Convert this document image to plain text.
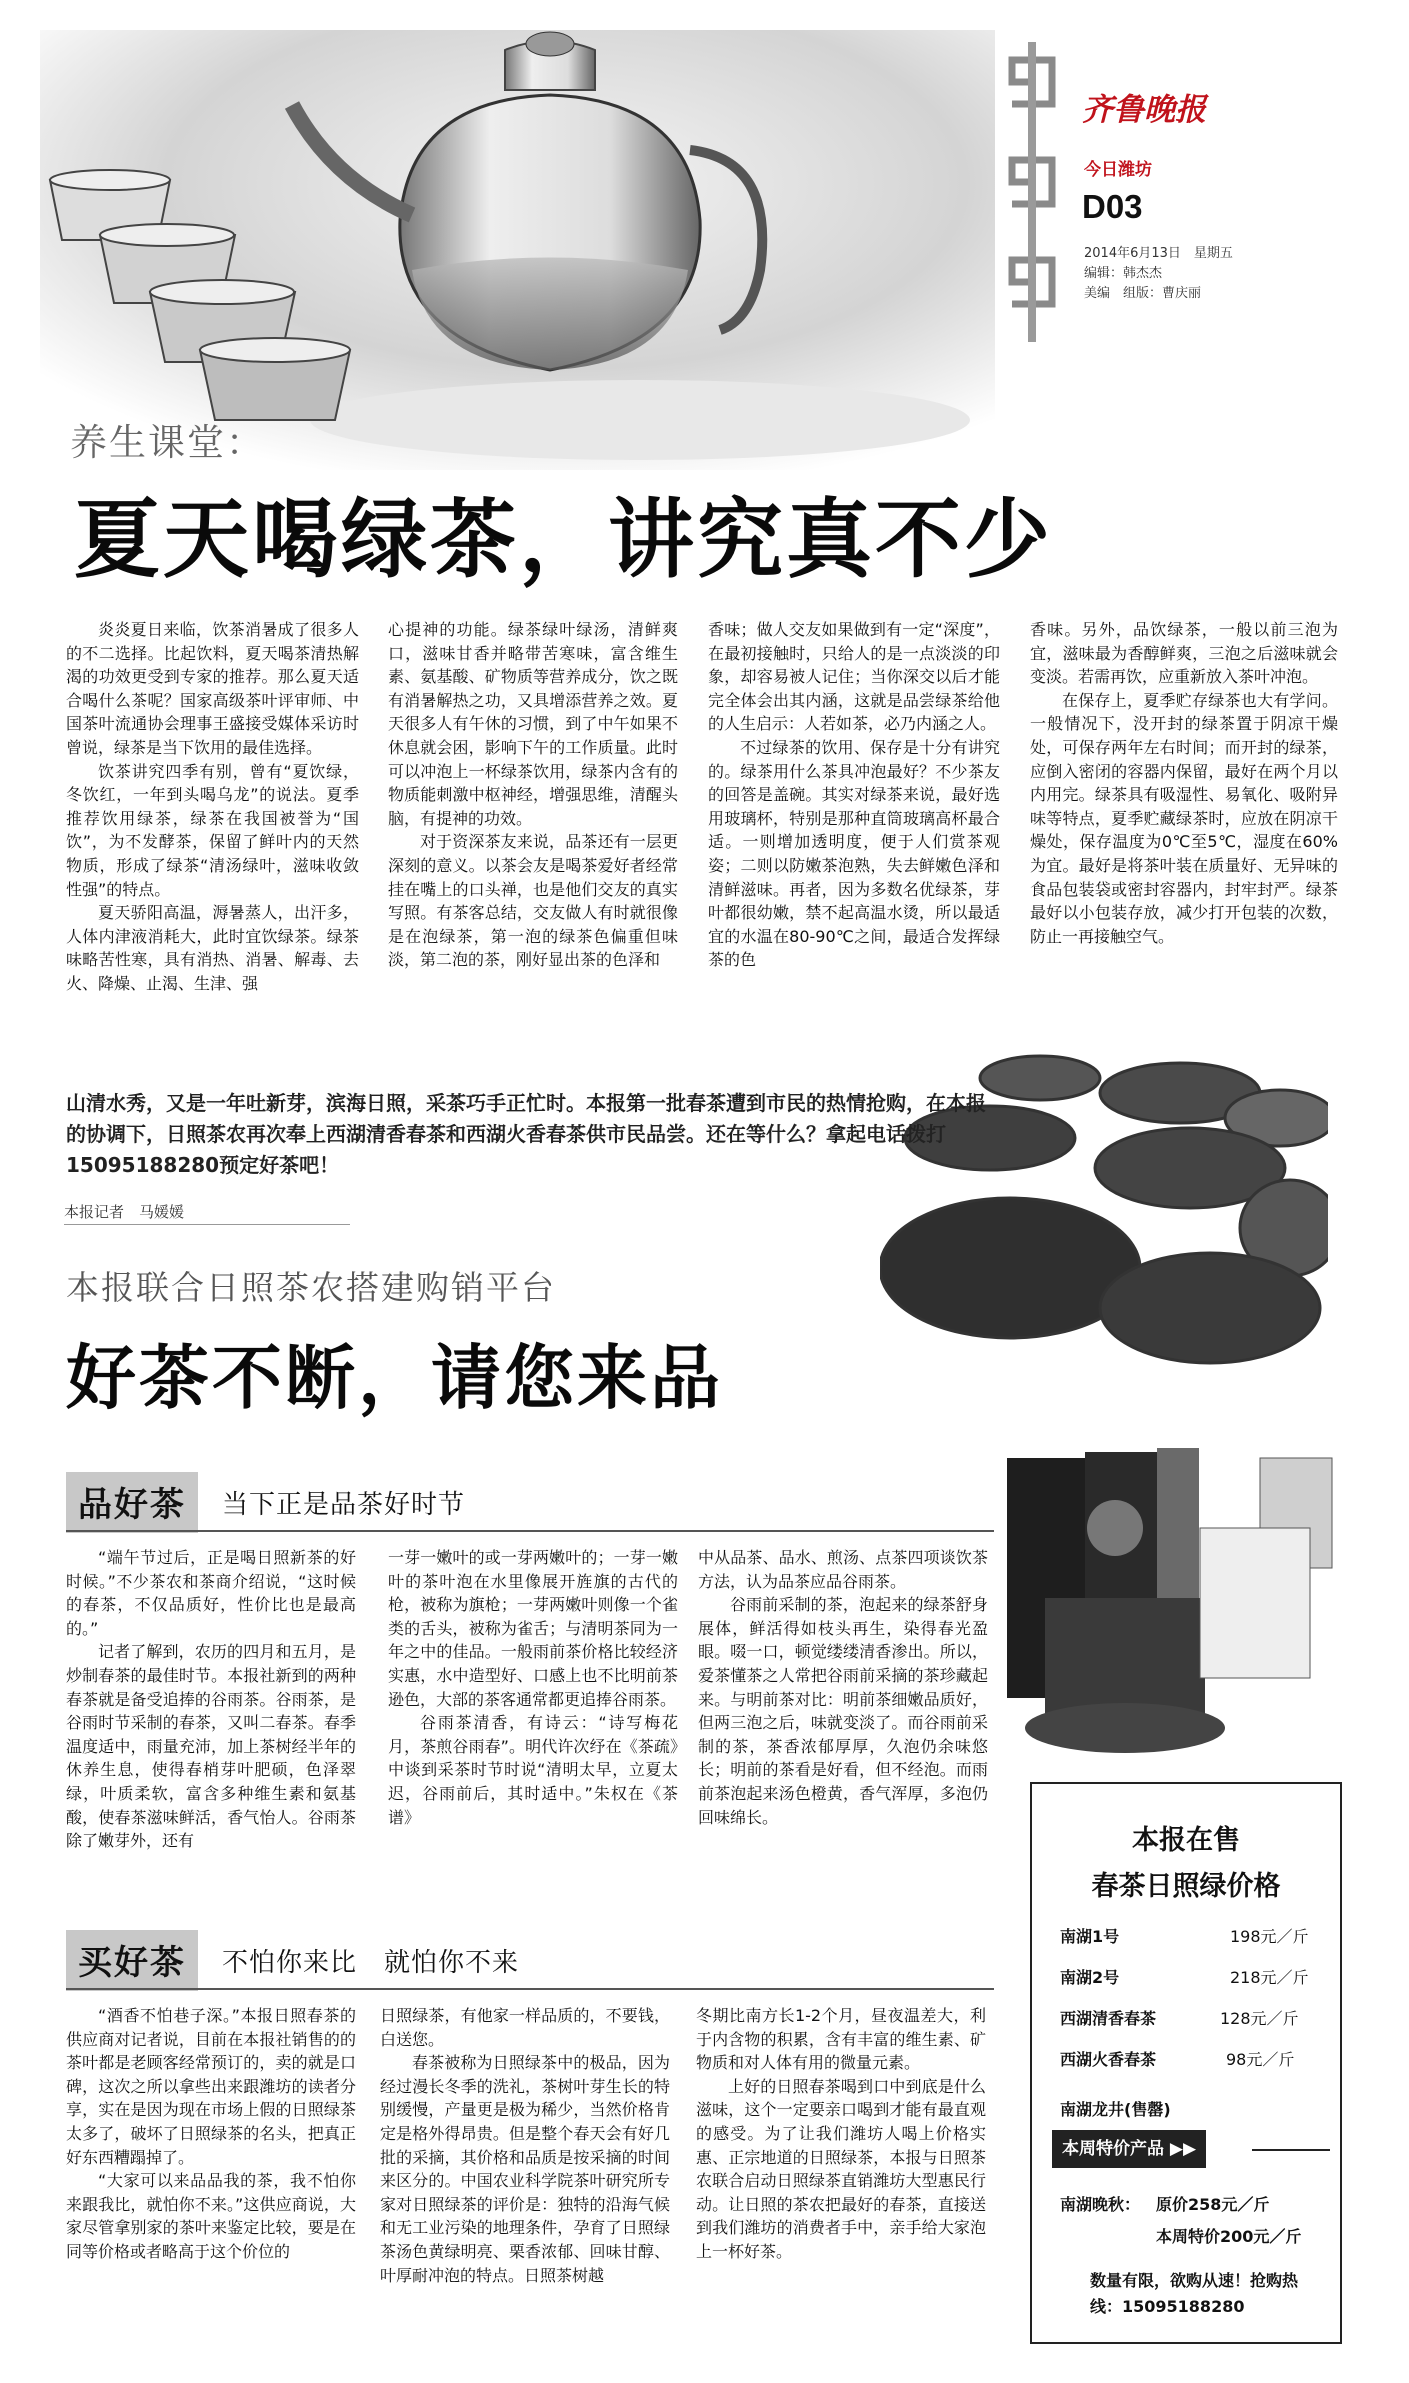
齐鲁晚报
今日潍坊
D03
2014年6月13日　星期五
编辑：韩杰杰
美编　组版：曹庆丽
养生课堂：
夏天喝绿茶，讲究真不少

炎炎夏日来临，饮茶消暑成了很多人的不二选择。比起饮料，夏天喝茶清热解渴的功效更受到专家的推荐。那么夏天适合喝什么茶呢？国家高级茶叶评审师、中国茶叶流通协会理事王盛接受媒体采访时曾说，绿茶是当下饮用的最佳选择。

饮茶讲究四季有别，曾有“夏饮绿，冬饮红，一年到头喝乌龙”的说法。夏季推荐饮用绿茶，绿茶在我国被誉为“国饮”，为不发酵茶，保留了鲜叶内的天然物质，形成了绿茶“清汤绿叶，滋味收敛性强”的特点。

夏天骄阳高温，溽暑蒸人，出汗多，人体内津液消耗大，此时宜饮绿茶。绿茶味略苦性寒，具有消热、消暑、解毒、去火、降燥、止渴、生津、强

心提神的功能。绿茶绿叶绿汤，清鲜爽口，滋味甘香并略带苦寒味，富含维生素、氨基酸、矿物质等营养成分，饮之既有消暑解热之功，又具增添营养之效。夏天很多人有午休的习惯，到了中午如果不休息就会困，影响下午的工作质量。此时可以冲泡上一杯绿茶饮用，绿茶内含有的物质能刺激中枢神经，增强思维，清醒头脑，有提神的功效。

对于资深茶友来说，品茶还有一层更深刻的意义。以茶会友是喝茶爱好者经常挂在嘴上的口头禅，也是他们交友的真实写照。有茶客总结，交友做人有时就很像是在泡绿茶，第一泡的绿茶色偏重但味淡，第二泡的茶，刚好显出茶的色泽和

香味；做人交友如果做到有一定“深度”，在最初接触时，只给人的是一点淡淡的印象，却容易被人记住；当你深交以后才能完全体会出其内涵，这就是品尝绿茶给他的人生启示：人若如茶，必乃内涵之人。

不过绿茶的饮用、保存是十分有讲究的。绿茶用什么茶具冲泡最好？不少茶友的回答是盖碗。其实对绿茶来说，最好选用玻璃杯，特别是那种直筒玻璃高杯最合适。一则增加透明度，便于人们赏茶观姿；二则以防嫩茶泡熟，失去鲜嫩色泽和清鲜滋味。再者，因为多数名优绿茶，芽叶都很幼嫩，禁不起高温水烫，所以最适宜的水温在80-90℃之间，最适合发挥绿茶的色

香味。另外，品饮绿茶，一般以前三泡为宜，滋味最为香醇鲜爽，三泡之后滋味就会变淡。若需再饮，应重新放入茶叶冲泡。

在保存上，夏季贮存绿茶也大有学问。一般情况下，没开封的绿茶置于阴凉干燥处，可保存两年左右时间；而开封的绿茶，应倒入密闭的容器内保留，最好在两个月以内用完。绿茶具有吸湿性、易氧化、吸附异味等特点，夏季贮藏绿茶时，应放在阴凉干燥处，保存温度为0℃至5℃，湿度在60%为宜。最好是将茶叶装在质量好、无异味的食品包装袋或密封容器内，封牢封严。绿茶最好以小包装存放，减少打开包装的次数，防止一再接触空气。

山清水秀，又是一年吐新芽，滨海日照，采茶巧手正忙时。本报第一批春茶遭到市民的热情抢购，在本报的协调下，日照茶农再次奉上西湖清香春茶和西湖火香春茶供市民品尝。还在等什么？拿起电话拨打15095188280预定好茶吧！
本报记者　马媛媛
本报联合日照茶农搭建购销平台
好茶不断，请您来品
品好茶	当下正是品茶好时节

“端午节过后，正是喝日照新茶的好时候。”不少茶农和茶商介绍说，“这时候的春茶，不仅品质好，性价比也是最高的。”

记者了解到，农历的四月和五月，是炒制春茶的最佳时节。本报社新到的两种春茶就是备受追捧的谷雨茶。谷雨茶，是谷雨时节采制的春茶，又叫二春茶。春季温度适中，雨量充沛，加上茶树经半年的休养生息，使得春梢芽叶肥硕，色泽翠绿，叶质柔软，富含多种维生素和氨基酸，使春茶滋味鲜活，香气怡人。谷雨茶除了嫩芽外，还有

一芽一嫩叶的或一芽两嫩叶的；一芽一嫩叶的茶叶泡在水里像展开旌旗的古代的枪，被称为旗枪；一芽两嫩叶则像一个雀类的舌头，被称为雀舌；与清明茶同为一年之中的佳品。一般雨前茶价格比较经济实惠，水中造型好、口感上也不比明前茶逊色，大部的茶客通常都更追捧谷雨茶。

谷雨茶清香，有诗云：“诗写梅花月，茶煎谷雨春”。明代许次纾在《茶疏》中谈到采茶时节时说“清明太早，立夏太迟，谷雨前后，其时适中。”朱权在《茶谱》

中从品茶、品水、煎汤、点茶四项谈饮茶方法，认为品茶应品谷雨茶。

谷雨前采制的茶，泡起来的绿茶舒身展体，鲜活得如枝头再生，染得春光盈眼。啜一口，顿觉缕缕清香渗出。所以，爱茶懂茶之人常把谷雨前采摘的茶珍藏起来。与明前茶对比：明前茶细嫩品质好，但两三泡之后，味就变淡了。而谷雨前采制的茶，茶香浓郁厚厚，久泡仍余味悠长；明前的茶看是好看，但不经泡。而雨前茶泡起来汤色橙黄，香气浑厚，多泡仍回味绵长。

买好茶	不怕你来比　就怕你不来

“酒香不怕巷子深。”本报日照春茶的供应商对记者说，目前在本报社销售的的茶叶都是老顾客经常预订的，卖的就是口碑，这次之所以拿些出来跟潍坊的读者分享，实在是因为现在市场上假的日照绿茶太多了，破坏了日照绿茶的名头，把真正好东西糟蹋掉了。

“大家可以来品品我的茶，我不怕你来跟我比，就怕你不来。”这供应商说，大家尽管拿别家的茶叶来鉴定比较，要是在同等价格或者略高于这个价位的

日照绿茶，有他家一样品质的，不要钱，白送您。

春茶被称为日照绿茶中的极品，因为经过漫长冬季的洗礼，茶树叶芽生长的特别缓慢，产量更是极为稀少，当然价格肯定是格外得昂贵。但是整个春天会有好几批的采摘，其价格和品质是按采摘的时间来区分的。中国农业科学院茶叶研究所专家对日照绿茶的评价是：独特的沿海气候和无工业污染的地理条件，孕育了日照绿茶汤色黄绿明亮、栗香浓郁、回味甘醇、叶厚耐冲泡的特点。日照茶树越

冬期比南方长1-2个月，昼夜温差大，利于内含物的积累，含有丰富的维生素、矿物质和对人体有用的微量元素。

上好的日照春茶喝到口中到底是什么滋味，这个一定要亲口喝到才能有最直观的感受。为了让我们潍坊人喝上价格实惠、正宗地道的日照绿茶，本报与日照茶农联合启动日照绿茶直销潍坊大型惠民行动。让日照的茶农把最好的春茶，直接送到我们潍坊的消费者手中，亲手给大家泡上一杯好茶。

本报在售
春茶日照绿价格
南湖1号	198元／斤
南湖2号	218元／斤
西湖清香春茶	128元／斤
西湖火香春茶	98元／斤
南湖龙井(售罄)
本周特价产品 ▶▶
南湖晚秋： 原价258元／斤
本周特价200元／斤
数量有限，欲购从速！抢购热线：15095188280
